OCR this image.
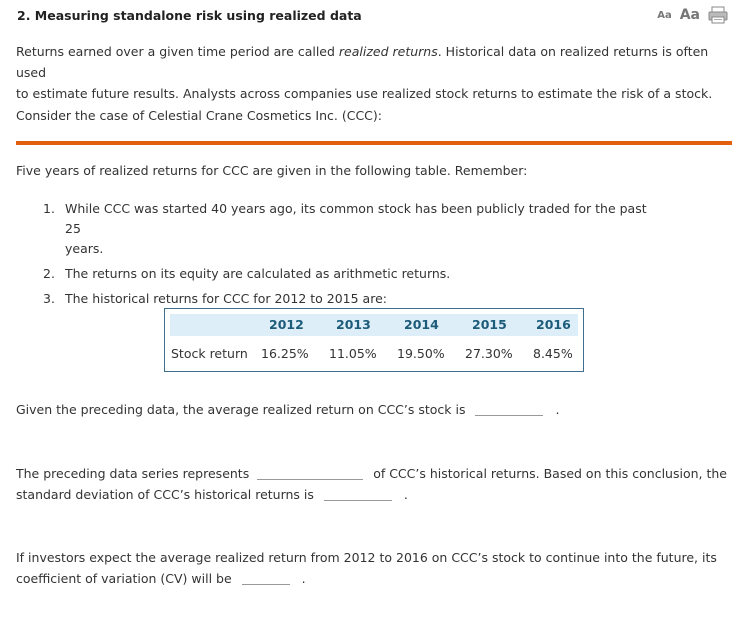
2. Measuring standalone risk using realized data	Aa Aa
Returns earned over a given time period are called realized returns. Historical data on realized returns is often used
to estimate future results. Analysts across companies use realized stock returns to estimate the risk of a stock.
Consider the case of Celestial Crane Cosmetics Inc. (CCC):
Five years of realized returns for CCC are given in the following table. Remember:
1. While CCC was started 40 years ago, its common stock has been publicly traded for the past 25
years.
2. The returns on its equity are calculated as arithmetic returns.
3. The historical returns for CCC for 2012 to 2015 are:
2012	2013	2014	2015 2016
Stock return 16.25% 11.05% 19.50% 27.30% 8.45%
Given the preceding data, the average realized return on CCC’s stock is	.
The preceding data series represents	of CCC’s historical returns. Based on this conclusion, the
standard deviation of CCC’s historical returns is	.
If investors expect the average realized return from 2012 to 2016 on CCC’s stock to continue into the future, its
coefficient of variation (CV) will be	.
